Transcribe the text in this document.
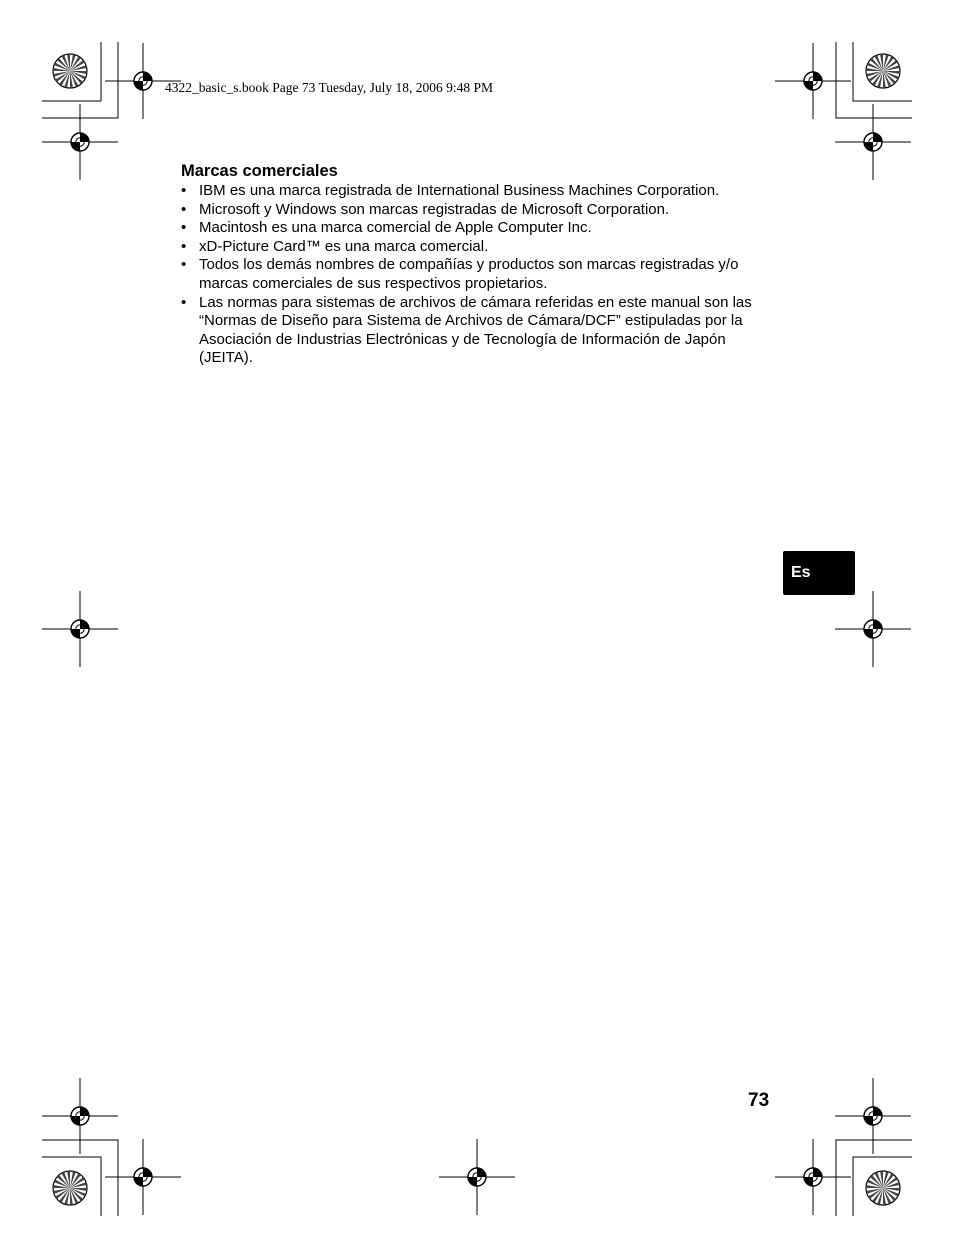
4322_basic_s.book Page 73 Tuesday, July 18, 2006 9:48 PM
Marcas comerciales
• IBM es una marca registrada de International Business Machines Corporation.
• Microsoft y Windows son marcas registradas de Microsoft Corporation.
• Macintosh es una marca comercial de Apple Computer Inc.
• xD-Picture Card™ es una marca comercial.
• Todos los demás nombres de compañías y productos son marcas registradas y/o marcas comerciales de sus respectivos propietarios.
• Las normas para sistemas de archivos de cámara referidas en este manual son las “Normas de Diseño para Sistema de Archivos de Cámara/DCF” estipuladas por la Asociación de Industrias Electrónicas y de Tecnología de Información de Japón (JEITA).
Es
73
